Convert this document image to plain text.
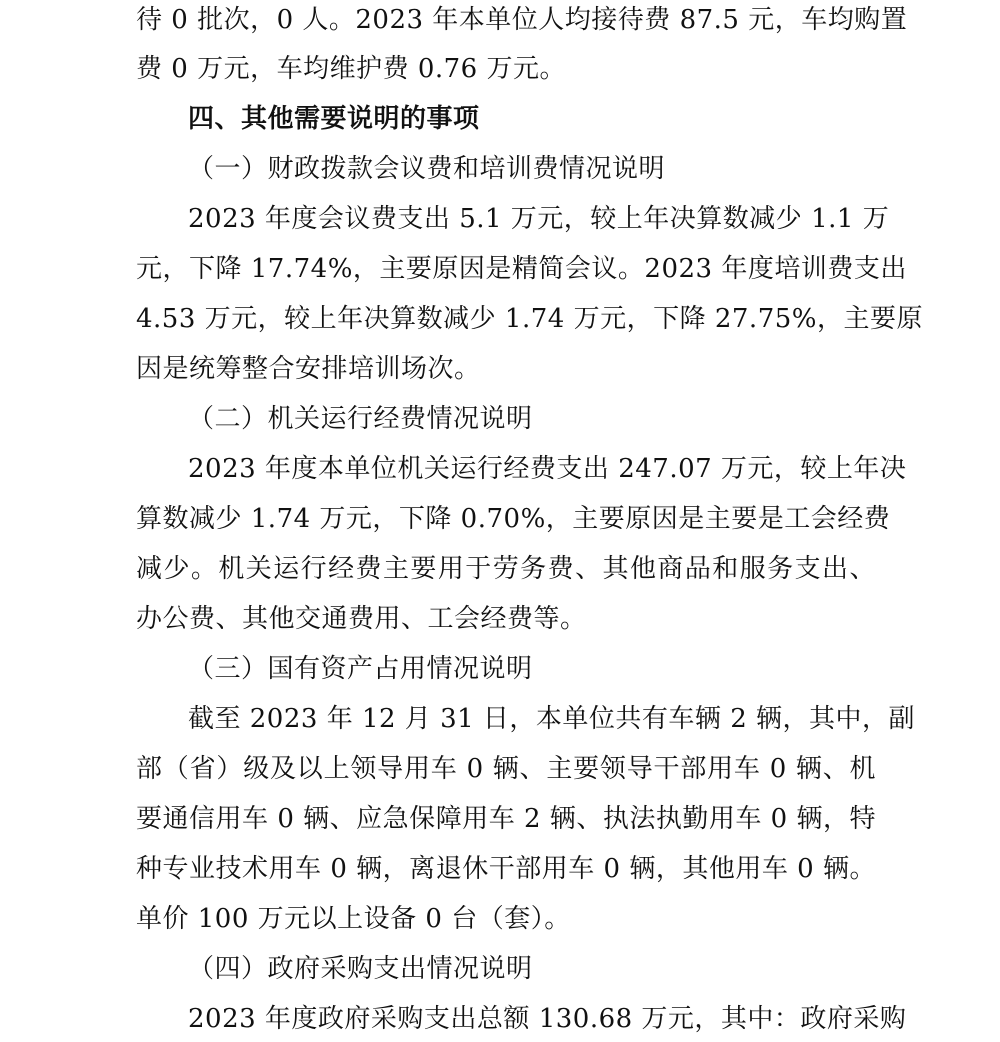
待 0 批次，0 人。2023 年本单位人均接待费 87.5 元，车均购置
费 0 万元，车均维护费 0.76 万元。
四、其他需要说明的事项
（一）财政拨款会议费和培训费情况说明
2023 年度会议费支出 5.1 万元，较上年决算数减少 1.1 万
元，下降 17.74%，主要原因是精简会议。2023 年度培训费支出
4.53 万元，较上年决算数减少 1.74 万元，下降 27.75%，主要原
因是统筹整合安排培训场次。
（二）机关运行经费情况说明
2023 年度本单位机关运行经费支出 247.07 万元，较上年决
算数减少 1.74 万元，下降 0.70%，主要原因是主要是工会经费
减少。机关运行经费主要用于劳务费、其他商品和服务支出、
办公费、其他交通费用、工会经费等。
（三）国有资产占用情况说明
截至 2023 年 12 月 31 日，本单位共有车辆 2 辆，其中，副
部（省）级及以上领导用车 0 辆、主要领导干部用车 0 辆、机
要通信用车 0 辆、应急保障用车 2 辆、执法执勤用车 0 辆，特
种专业技术用车 0 辆，离退休干部用车 0 辆，其他用车 0 辆。
单价 100 万元以上设备 0 台（套）。
（四）政府采购支出情况说明
2023 年度政府采购支出总额 130.68 万元，其中：政府采购
